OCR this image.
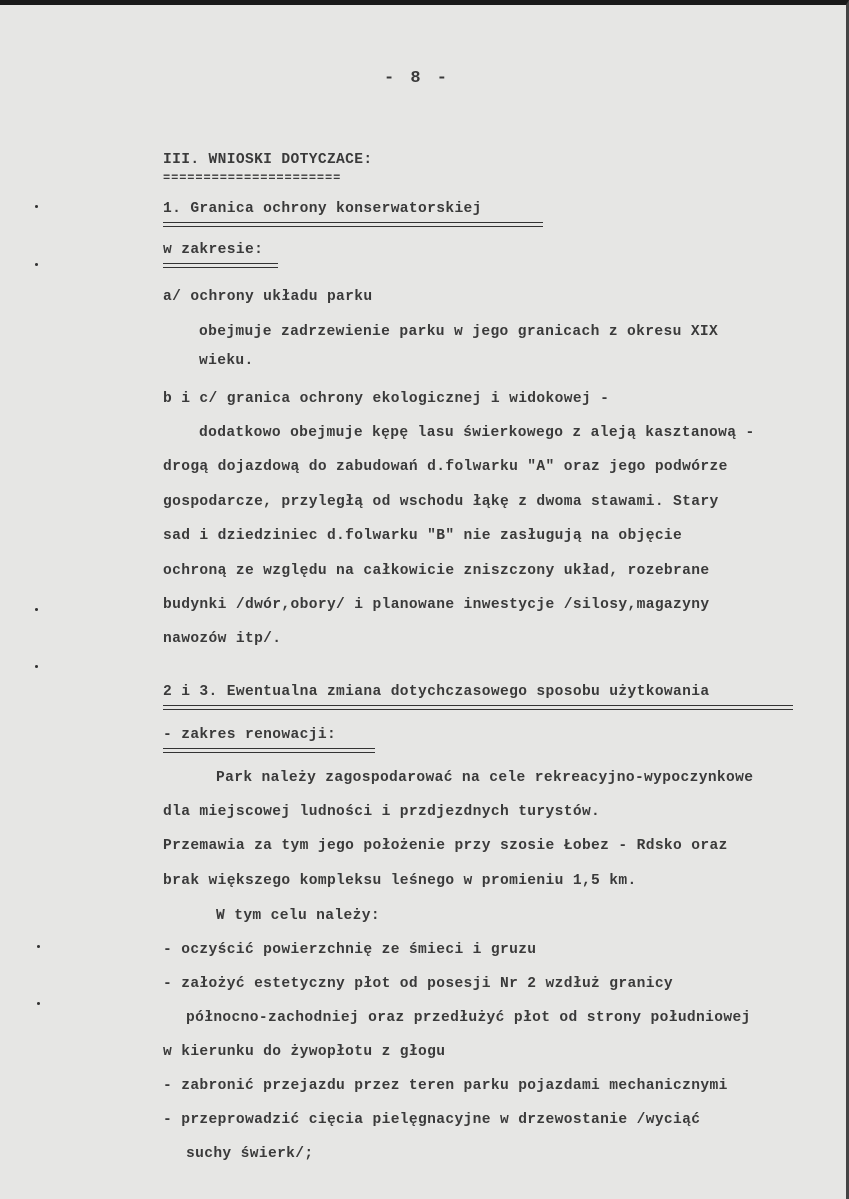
- 8 -
III. WNIOSKI DOTYCZACE:
======================
1. Granica ochrony konserwatorskiej
w zakresie:
a/ ochrony układu parku
obejmuje zadrzewienie parku w jego granicach z okresu XIX
wieku.
b i c/ granica ochrony ekologicznej i widokowej -
dodatkowo obejmuje kępę lasu świerkowego z aleją kasztanową -
drogą dojazdową do zabudowań d.folwarku "A" oraz jego podwórze
gospodarcze, przyległą od wschodu łąkę z dwoma stawami. Stary
sad i dziedziniec d.folwarku "B" nie zasługują na objęcie
ochroną ze względu na całkowicie zniszczony układ, rozebrane
budynki /dwór,obory/ i planowane inwestycje /silosy,magazyny
nawozów itp/.
2 i 3. Ewentualna zmiana dotychczasowego sposobu użytkowania
- zakres renowacji:
Park należy zagospodarować na cele rekreacyjno-wypoczynkowe
dla miejscowej ludności i przdjezdnych turystów.
Przemawia za tym jego położenie przy szosie Łobez - Rdsko oraz
brak większego kompleksu leśnego w promieniu 1,5 km.
W tym celu należy:
- oczyścić powierzchnię ze śmieci i gruzu
- założyć estetyczny płot od posesji Nr 2 wzdłuż granicy
północno-zachodniej oraz przedłużyć płot od strony południowej
w kierunku do żywopłotu z głogu
- zabronić przejazdu przez teren parku pojazdami mechanicznymi
- przeprowadzić cięcia pielęgnacyjne w drzewostanie /wyciąć
suchy świerk/;
